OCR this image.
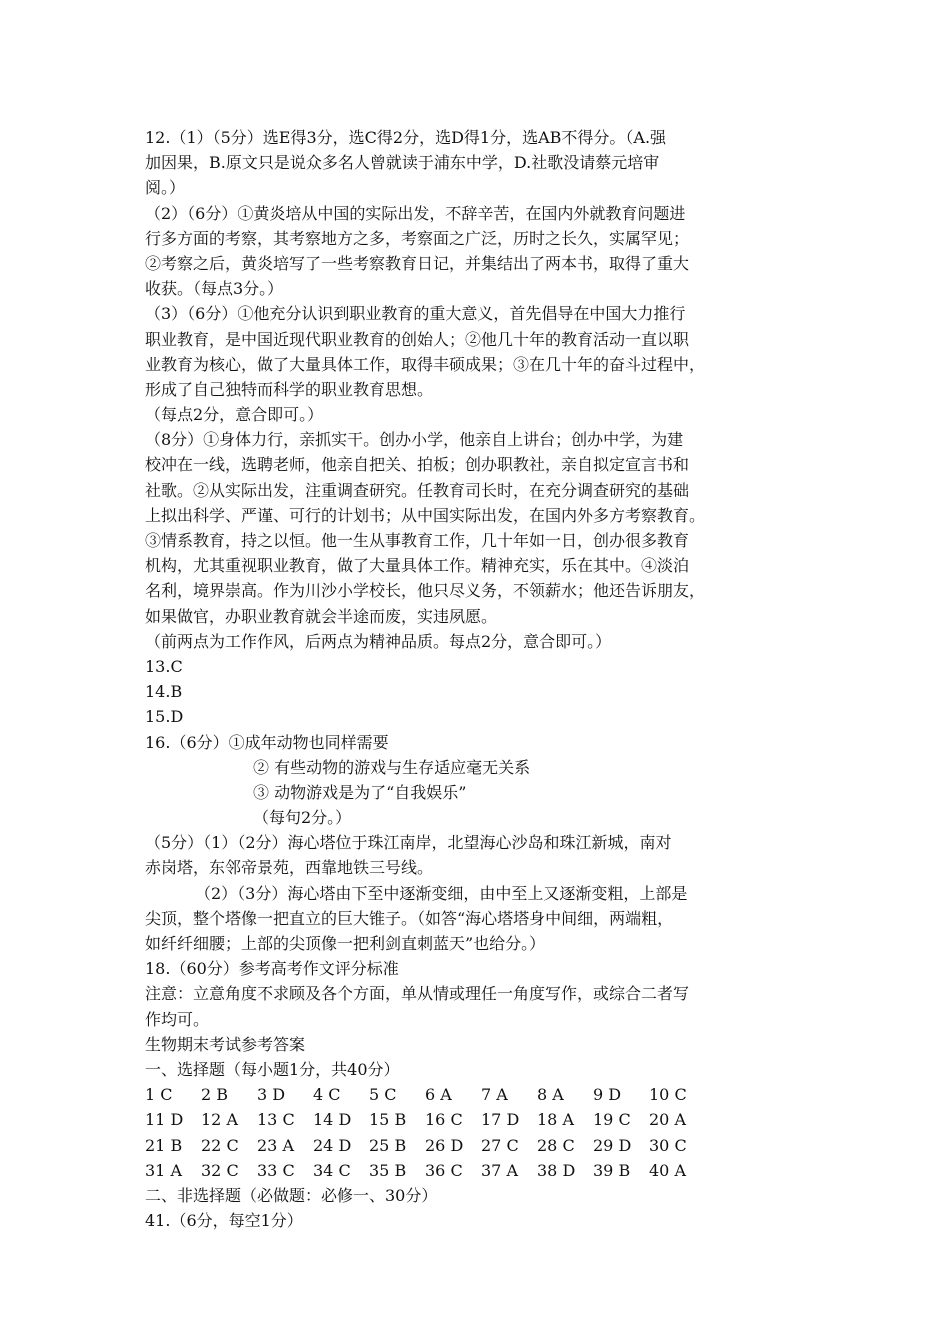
12.（1）（5分）选E得3分，选C得2分，选D得1分，选AB不得分。（A.强
加因果，B.原文只是说众多名人曾就读于浦东中学，D.社歌没请蔡元培审
阅。）
（2）（6分）①黄炎培从中国的实际出发，不辞辛苦，在国内外就教育问题进
行多方面的考察，其考察地方之多，考察面之广泛，历时之长久，实属罕见；
②考察之后，黄炎培写了一些考察教育日记，并集结出了两本书，取得了重大
收获。（每点3分。）
（3）（6分）①他充分认识到职业教育的重大意义，首先倡导在中国大力推行
职业教育，是中国近现代职业教育的创始人；②他几十年的教育活动一直以职
业教育为核心，做了大量具体工作，取得丰硕成果；③在几十年的奋斗过程中，
形成了自己独特而科学的职业教育思想。
（每点2分，意合即可。）
（8分）①身体力行，亲抓实干。创办小学，他亲自上讲台；创办中学，为建
校冲在一线，选聘老师，他亲自把关、拍板；创办职教社，亲自拟定宣言书和
社歌。②从实际出发，注重调查研究。任教育司长时，在充分调查研究的基础
上拟出科学、严谨、可行的计划书；从中国实际出发，在国内外多方考察教育。
③情系教育，持之以恒。他一生从事教育工作，几十年如一日，创办很多教育
机构，尤其重视职业教育，做了大量具体工作。精神充实，乐在其中。④淡泊
名利，境界崇高。作为川沙小学校长，他只尽义务，不领薪水；他还告诉朋友，
如果做官，办职业教育就会半途而废，实违夙愿。
（前两点为工作作风，后两点为精神品质。每点2分，意合即可。）
13.C
14.B
15.D
16.（6分）①成年动物也同样需要
② 有些动物的游戏与生存适应毫无关系
③ 动物游戏是为了“自我娱乐”
（每句2分。）
（5分）（1）（2分）海心塔位于珠江南岸，北望海心沙岛和珠江新城，南对
赤岗塔，东邻帝景苑，西靠地铁三号线。
（2）（3分）海心塔由下至中逐渐变细，由中至上又逐渐变粗，上部是
尖顶，整个塔像一把直立的巨大锥子。（如答“海心塔塔身中间细，两端粗，
如纤纤细腰；上部的尖顶像一把利剑直刺蓝天”也给分。）
18.（60分）参考高考作文评分标准
注意：立意角度不求顾及各个方面，单从情或理任一角度写作，或综合二者写
作均可。
生物期末考试参考答案
一、选择题（每小题1分，共40分）
1 C	2 B	3 D	4 C	5 C	6 A	7 A	8 A	9 D	10 C
11 D	12 A	13 C	14 D	15 B	16 C	17 D	18 A	19 C	20 A
21 B	22 C	23 A	24 D	25 B	26 D	27 C	28 C	29 D	30 C
31 A	32 C	33 C	34 C	35 B	36 C	37 A	38 D	39 B	40 A
二、非选择题（必做题：必修一、30分）
41.（6分，每空1分）
